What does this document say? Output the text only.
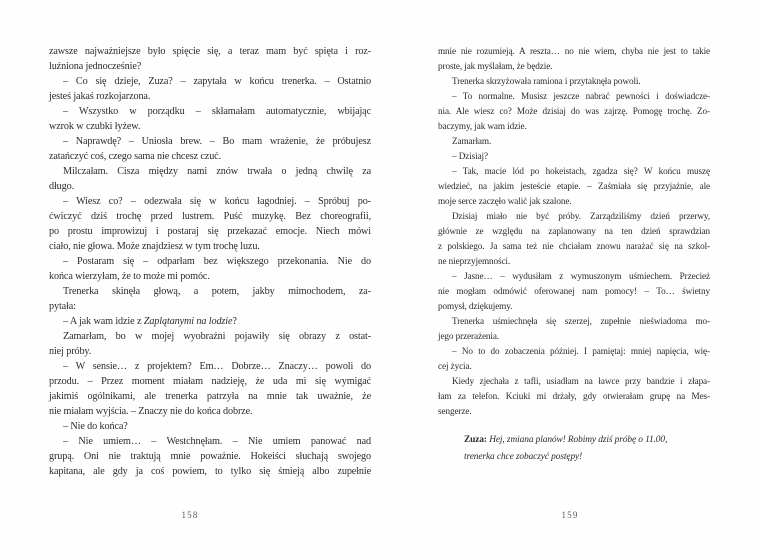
zawsze najważniejsze było spięcie się, a teraz mam być spięta i roz-
luźniona jednocześnie?
– Co się dzieje, Zuza? – zapytała w końcu trenerka. – Ostatnio
jesteś jakaś rozkojarzona.
– Wszystko w porządku – skłamałam automatycznie, wbijając
wzrok w czubki łyżew.
– Naprawdę? – Uniosła brew. – Bo mam wrażenie, że próbujesz
zatańczyć coś, czego sama nie chcesz czuć.
Milczałam. Cisza między nami znów trwała o jedną chwilę za
długo.
– Wiesz co? – odezwała się w końcu łagodniej. – Spróbuj po-
ćwiczyć dziś trochę przed lustrem. Puść muzykę. Bez choreografii,
po prostu improwizuj i postaraj się przekazać emocje. Niech mówi
ciało, nie głowa. Może znajdziesz w tym trochę luzu.
– Postaram się – odparłam bez większego przekonania. Nie do
końca wierzyłam, że to może mi pomóc.
Trenerka skinęła głową, a potem, jakby mimochodem, za-
pytała:
– A jak wam idzie z Zaplątanymi na lodzie?
Zamarłam, bo w mojej wyobraźni pojawiły się obrazy z ostat-
niej próby.
– W sensie… z projektem? Em… Dobrze… Znaczy… powoli do
przodu. – Przez moment miałam nadzieję, że uda mi się wymigać
jakimiś ogólnikami, ale trenerka patrzyła na mnie tak uważnie, że
nie miałam wyjścia. – Znaczy nie do końca dobrze.
– Nie do końca?
– Nie umiem… – Westchnęłam. – Nie umiem panować nad
grupą. Oni nie traktują mnie poważnie. Hokeiści słuchają swojego
kapitana, ale gdy ja coś powiem, to tylko się śmieją albo zupełnie
mnie nie rozumieją. A reszta… no nie wiem, chyba nie jest to takie
proste, jak myślałam, że będzie.
Trenerka skrzyżowała ramiona i przytaknęła powoli.
– To normalne. Musisz jeszcze nabrać pewności i doświadcze-
nia. Ale wiesz co? Może dzisiaj do was zajrzę. Pomogę trochę. Zo-
baczymy, jak wam idzie.
Zamarłam.
– Dzisiaj?
– Tak, macie lód po hokeistach, zgadza się? W końcu muszę
wiedzieć, na jakim jesteście etapie. – Zaśmiała się przyjaźnie, ale
moje serce zaczęło walić jak szalone.
Dzisiaj miało nie być próby. Zarządziliśmy dzień przerwy,
głównie ze względu na zaplanowany na ten dzień sprawdzian
z polskiego. Ja sama też nie chciałam znowu narażać się na szkol-
ne nieprzyjemności.
– Jasne… – wydusiłam z wymuszonym uśmiechem. Przecież
nie mogłam odmówić oferowanej nam pomocy! – To… świetny
pomysł, dziękujemy.
Trenerka uśmiechnęła się szerzej, zupełnie nieświadoma mo-
jego przerażenia.
– No to do zobaczenia później. I pamiętaj: mniej napięcia, wię-
cej życia.
Kiedy zjechała z tafli, usiadłam na ławce przy bandzie i złapa-
łam za telefon. Kciuki mi drżały, gdy otwierałam grupę na Mes-
sengerze.
Zuza: Hej, zmiana planów! Robimy dziś próbę o 11.00,
trenerka chce zobaczyć postępy!
158	159
